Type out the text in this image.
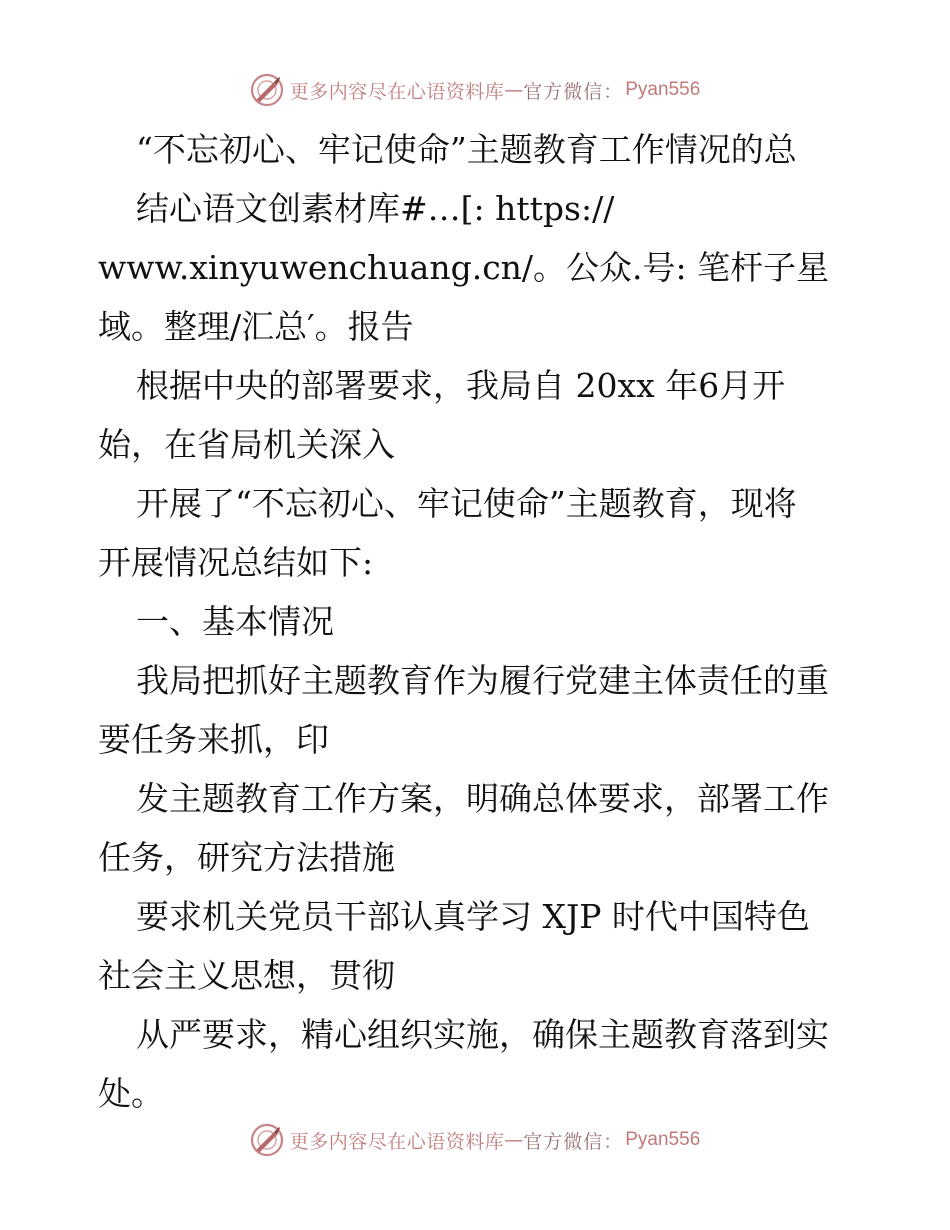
更多内容尽在心语资料库 — 官方微信： Pyan556
“不忘初心、牢记使命”主题教育工作情况的总
结心语文创素材库#…[: https://
www.xinyuwenchuang.cn/。公众.号: 笔杆子星
域。整理/汇总′。报告
根据中央的部署要求，我局自 20xx 年6月开
始，在省局机关深入
开展了“不忘初心、牢记使命”主题教育，现将
开展情况总结如下:
一、基本情况
我局把抓好主题教育作为履行党建主体责任的重
要任务来抓，印
发主题教育工作方案，明确总体要求，部署工作
任务，研究方法措施
要求机关党员干部认真学习 XJP 时代中国特色
社会主义思想，贯彻
从严要求，精心组织实施，确保主题教育落到实
处。
更多内容尽在心语资料库 — 官方微信： Pyan556
